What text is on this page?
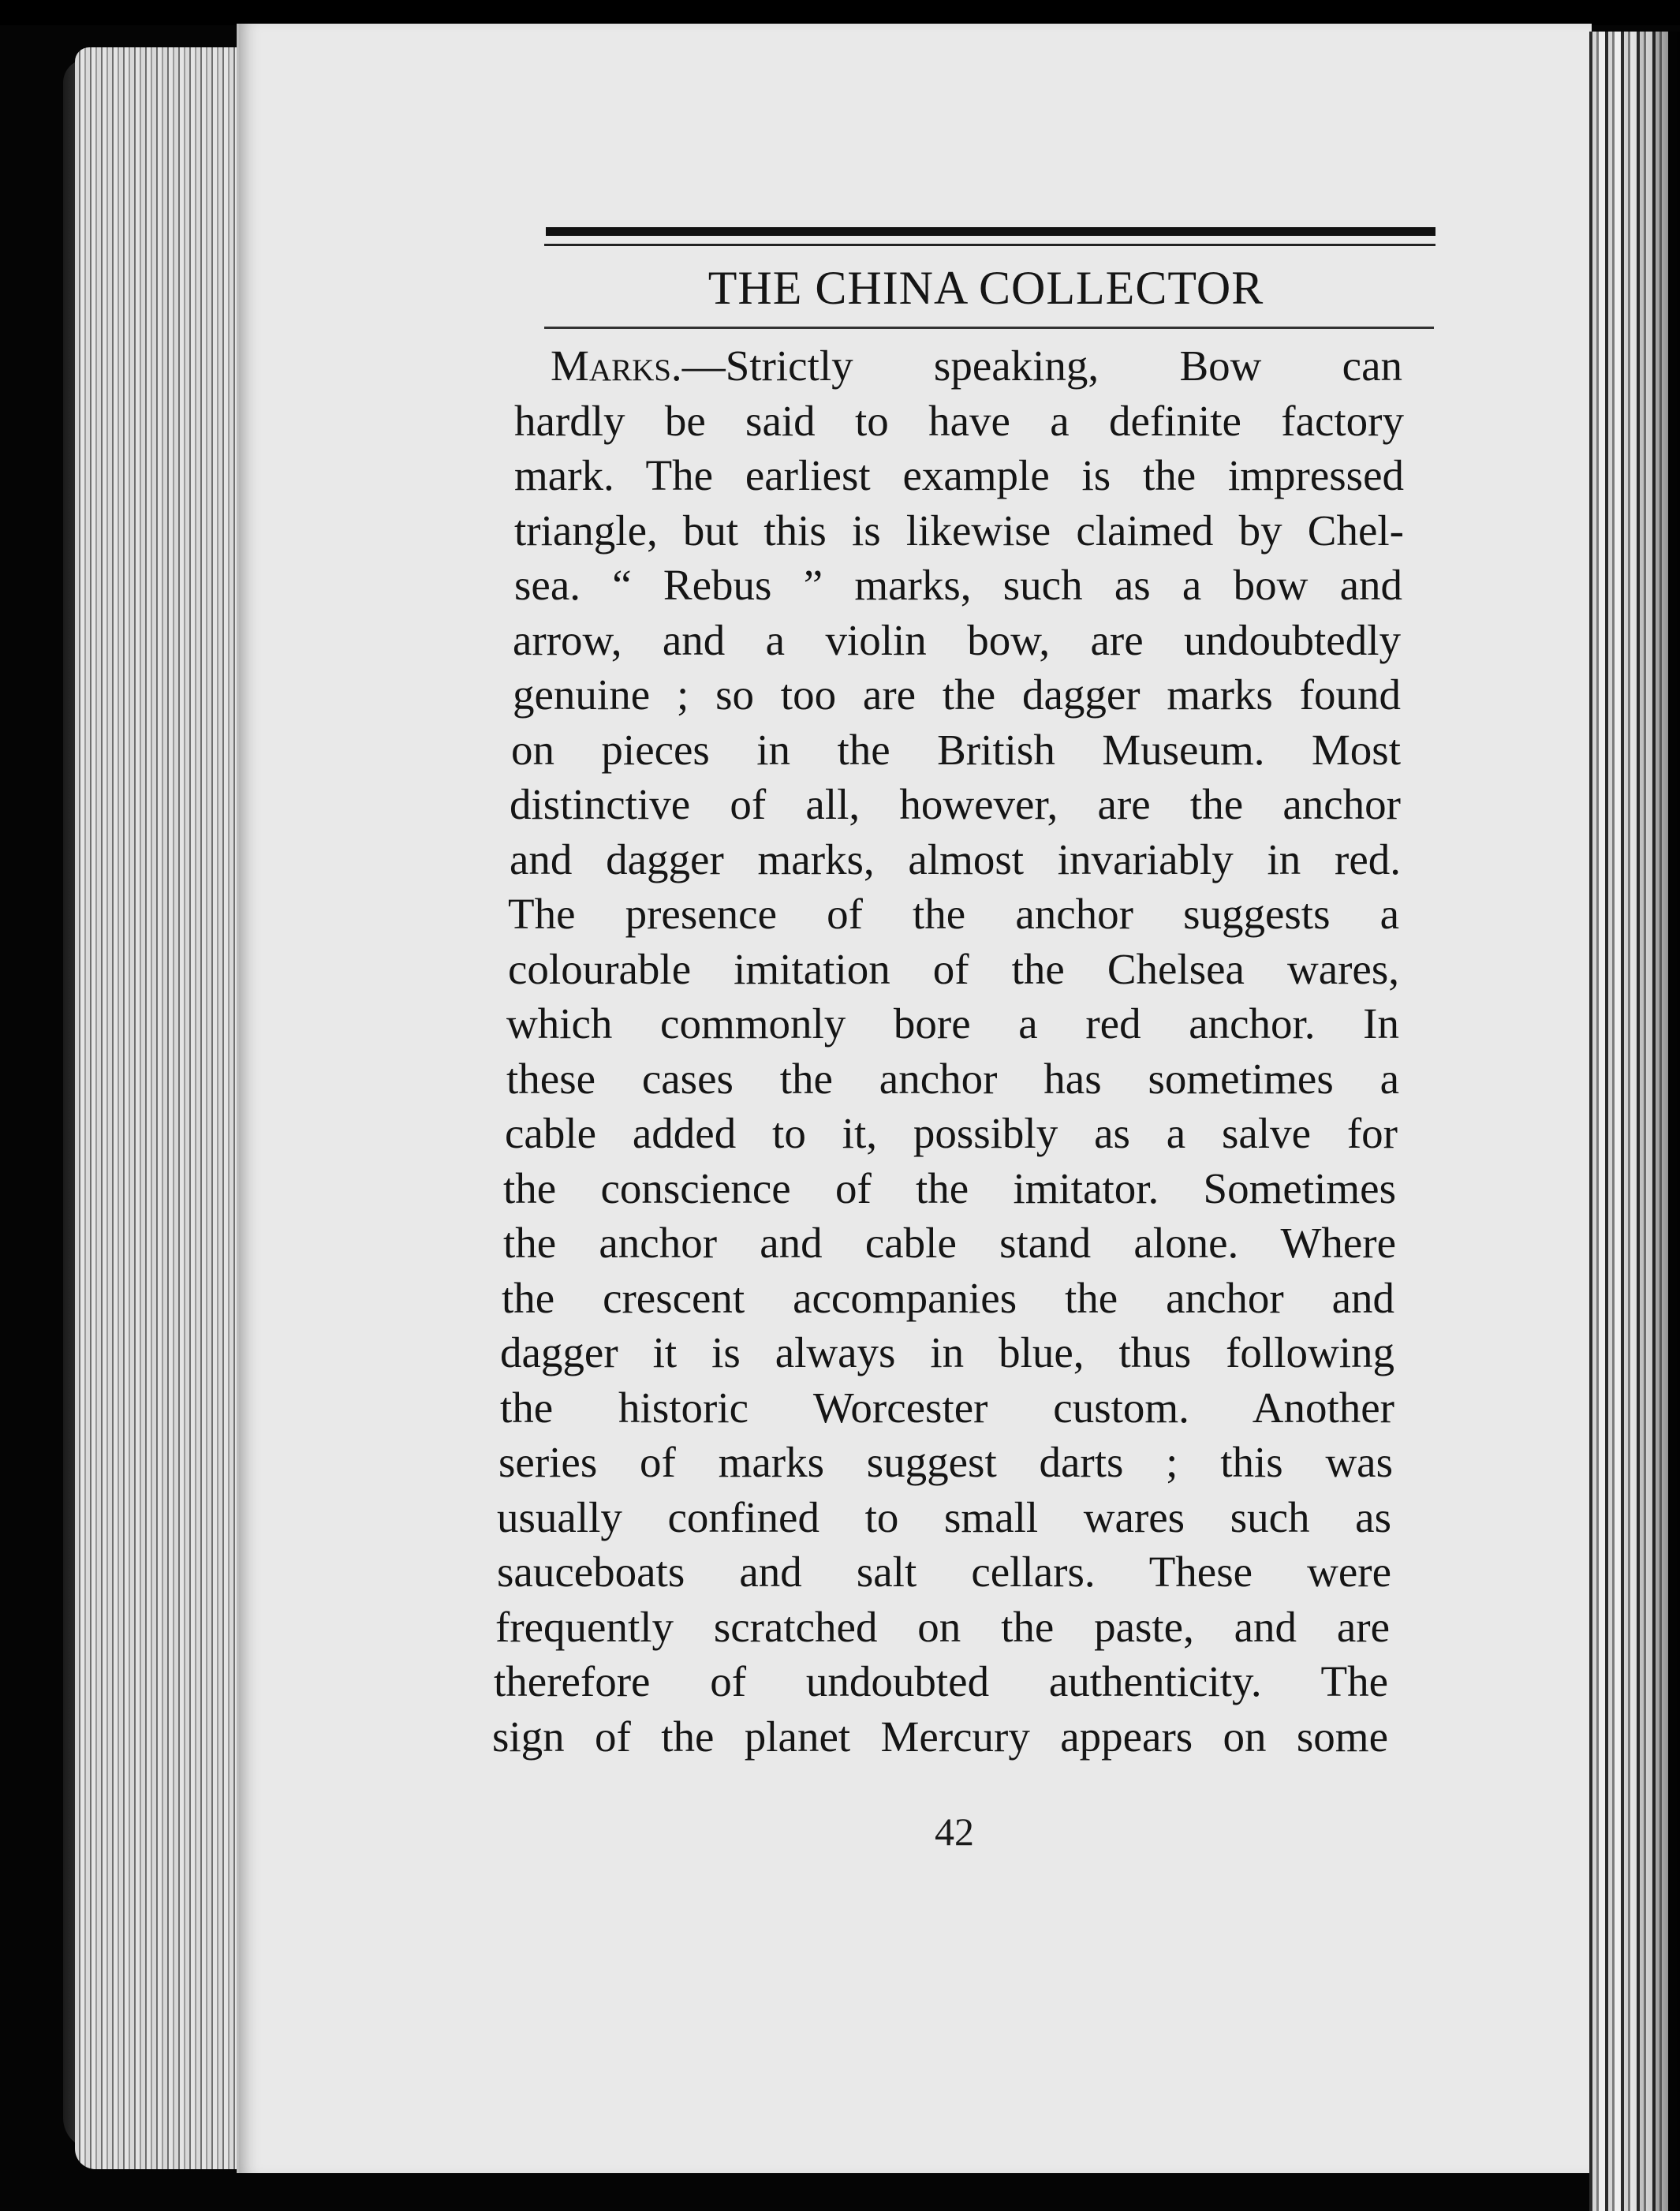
THE CHINA COLLECTOR
Marks.—Strictly speaking, Bow can
hardly be said to have a definite factory
mark. The earliest example is the impressed
triangle, but this is likewise claimed by Chel-
sea. “ Rebus ” marks, such as a bow and
arrow, and a violin bow, are undoubtedly
genuine ; so too are the dagger marks found
on pieces in the British Museum. Most
distinctive of all, however, are the anchor
and dagger marks, almost invariably in red.
The presence of the anchor suggests a
colourable imitation of the Chelsea wares,
which commonly bore a red anchor. In
these cases the anchor has sometimes a
cable added to it, possibly as a salve for
the conscience of the imitator. Sometimes
the anchor and cable stand alone. Where
the crescent accompanies the anchor and
dagger it is always in blue, thus following
the historic Worcester custom. Another
series of marks suggest darts ; this was
usually confined to small wares such as
sauceboats and salt cellars. These were
frequently scratched on the paste, and are
therefore of undoubted authenticity. The
sign of the planet Mercury appears on some
42
